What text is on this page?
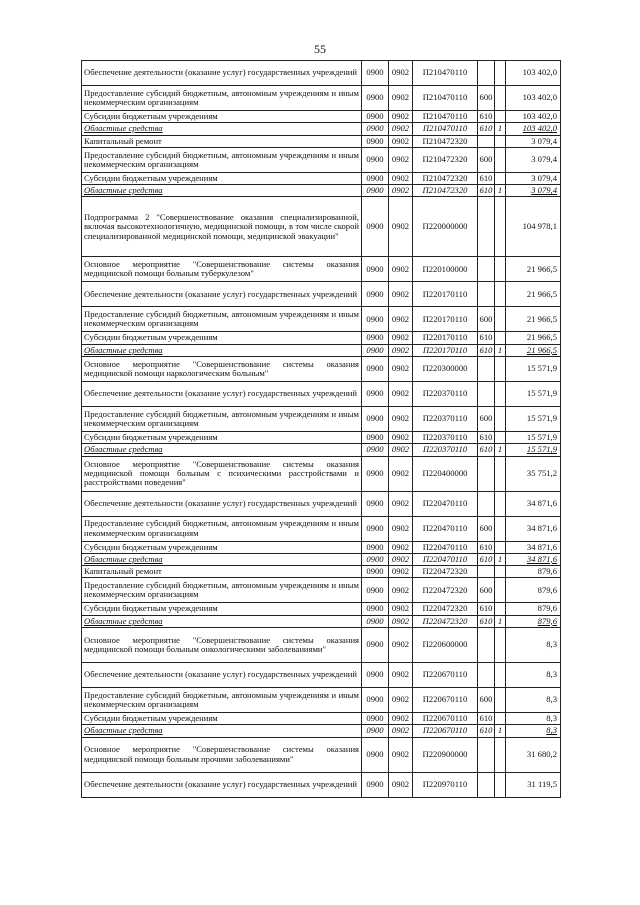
55
Обеспечение деятельности (оказание услуг) государственных учреждений	0900	0902	П210470110			103 402,0
Предоставление субсидий бюджетным, автономным учреждениям и иным некоммерческим организациям	0900	0902	П210470110	600		103 402,0
Субсидии бюджетным учреждениям	0900	0902	П210470110	610		103 402,0
Областные средства	0900	0902	П210470110	610	1	103 402,0
Капитальный ремонт	0900	0902	П210472320			3 079,4
Предоставление субсидий бюджетным, автономным учреждениям и иным некоммерческим организациям	0900	0902	П210472320	600		3 079,4
Субсидии бюджетным учреждениям	0900	0902	П210472320	610		3 079,4
Областные средства	0900	0902	П210472320	610	1	3 079,4
Подпрограмма 2 "Совершенствование оказания специализированной, включая высокотехнологичную, медицинской помощи, в том числе скорой специализированной медицинской помощи, медицинской эвакуации"	0900	0902	П220000000			104 978,1
Основное мероприятие "Совершенствование системы оказания медицинской помощи больным туберкулезом"	0900	0902	П220100000			21 966,5
Обеспечение деятельности (оказание услуг) государственных учреждений	0900	0902	П220170110			21 966,5
Предоставление субсидий бюджетным, автономным учреждениям и иным некоммерческим организациям	0900	0902	П220170110	600		21 966,5
Субсидии бюджетным учреждениям	0900	0902	П220170110	610		21 966,5
Областные средства	0900	0902	П220170110	610	1	21 966,5
Основное мероприятие "Совершенствование системы оказания медицинской помощи наркологическим больным"	0900	0902	П220300000			15 571,9
Обеспечение деятельности (оказание услуг) государственных учреждений	0900	0902	П220370110			15 571,9
Предоставление субсидий бюджетным, автономным учреждениям и иным некоммерческим организациям	0900	0902	П220370110	600		15 571,9
Субсидии бюджетным учреждениям	0900	0902	П220370110	610		15 571,9
Областные средства	0900	0902	П220370110	610	1	15 571,9
Основное мероприятие "Совершенствование системы оказания медицинской помощи больным с психическими расстройствами и расстройствами поведения"	0900	0902	П220400000			35 751,2
Обеспечение деятельности (оказание услуг) государственных учреждений	0900	0902	П220470110			34 871,6
Предоставление субсидий бюджетным, автономным учреждениям и иным некоммерческим организациям	0900	0902	П220470110	600		34 871,6
Субсидии бюджетным учреждениям	0900	0902	П220470110	610		34 871,6
Областные средства	0900	0902	П220470110	610	1	34 871,6
Капитальный ремонт	0900	0902	П220472320			879,6
Предоставление субсидий бюджетным, автономным учреждениям и иным некоммерческим организациям	0900	0902	П220472320	600		879,6
Субсидии бюджетным учреждениям	0900	0902	П220472320	610		879,6
Областные средства	0900	0902	П220472320	610	1	879,6
Основное мероприятие "Совершенствование системы оказания медицинской помощи больным онкологическими заболеваниями"	0900	0902	П220600000			8,3
Обеспечение деятельности (оказание услуг) государственных учреждений	0900	0902	П220670110			8,3
Предоставление субсидий бюджетным, автономным учреждениям и иным некоммерческим организациям	0900	0902	П220670110	600		8,3
Субсидии бюджетным учреждениям	0900	0902	П220670110	610		8,3
Областные средства	0900	0902	П220670110	610	1	8,3
Основное мероприятие "Совершенствование системы оказания медицинской помощи больным прочими заболеваниями"	0900	0902	П220900000			31 680,2
Обеспечение деятельности (оказание услуг) государственных учреждений	0900	0902	П220970110			31 119,5
